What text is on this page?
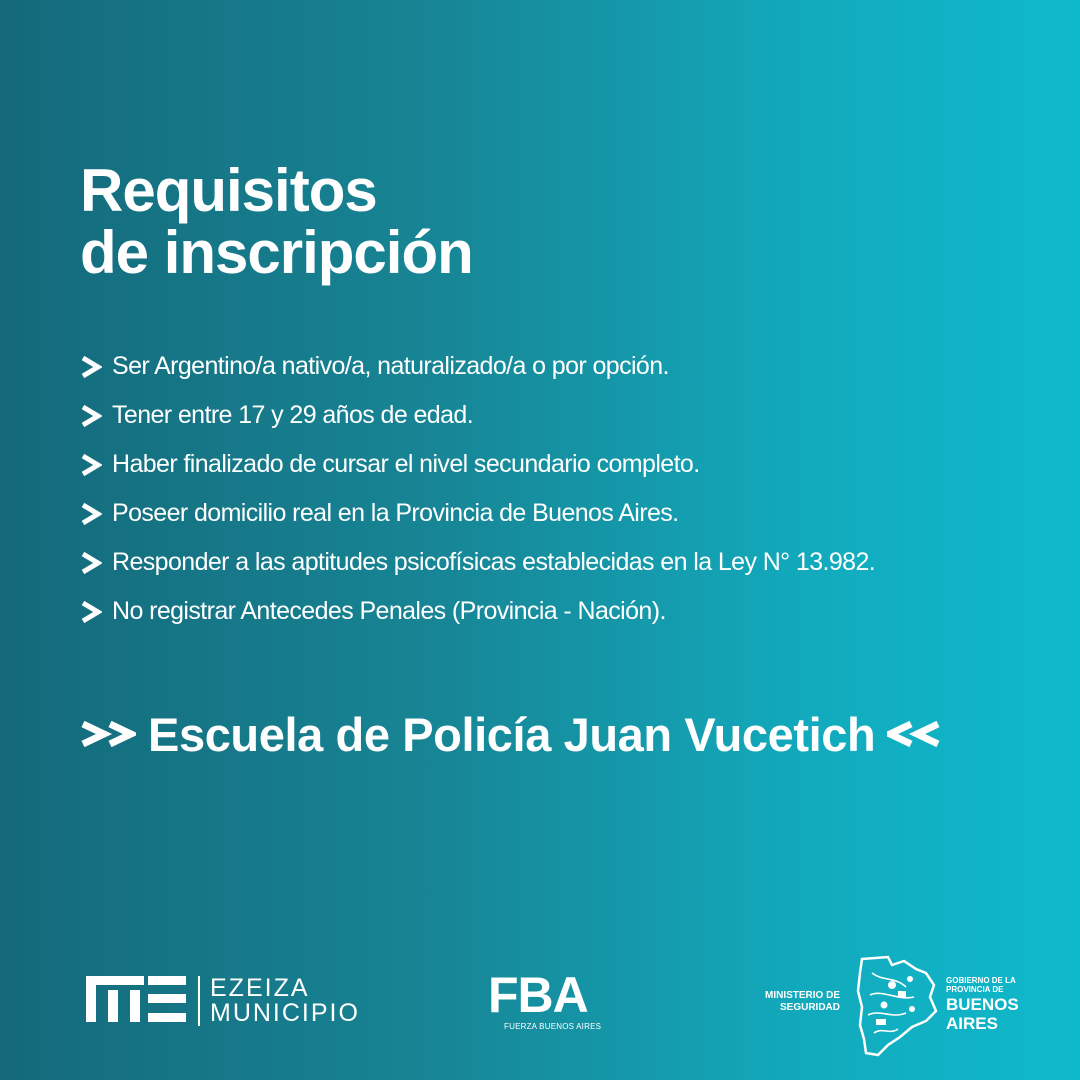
Requisitos
de inscripción
Ser Argentino/a nativo/a, naturalizado/a o por opción.
Tener entre 17 y 29 años de edad.
Haber finalizado de cursar el nivel secundario completo.
Poseer domicilio real en la Provincia de Buenos Aires.
Responder a las aptitudes psicofísicas establecidas en la Ley N° 13.982.
No registrar Antecedes Penales (Provincia - Nación).
Escuela de Policía Juan Vucetich
EZEIZA
MUNICIPIO	FBA
FUERZA BUENOS AIRES
MINISTERIO DE
SEGURIDAD
GOBIERNO DE LA
PROVINCIA DE
BUENOS
AIRES
